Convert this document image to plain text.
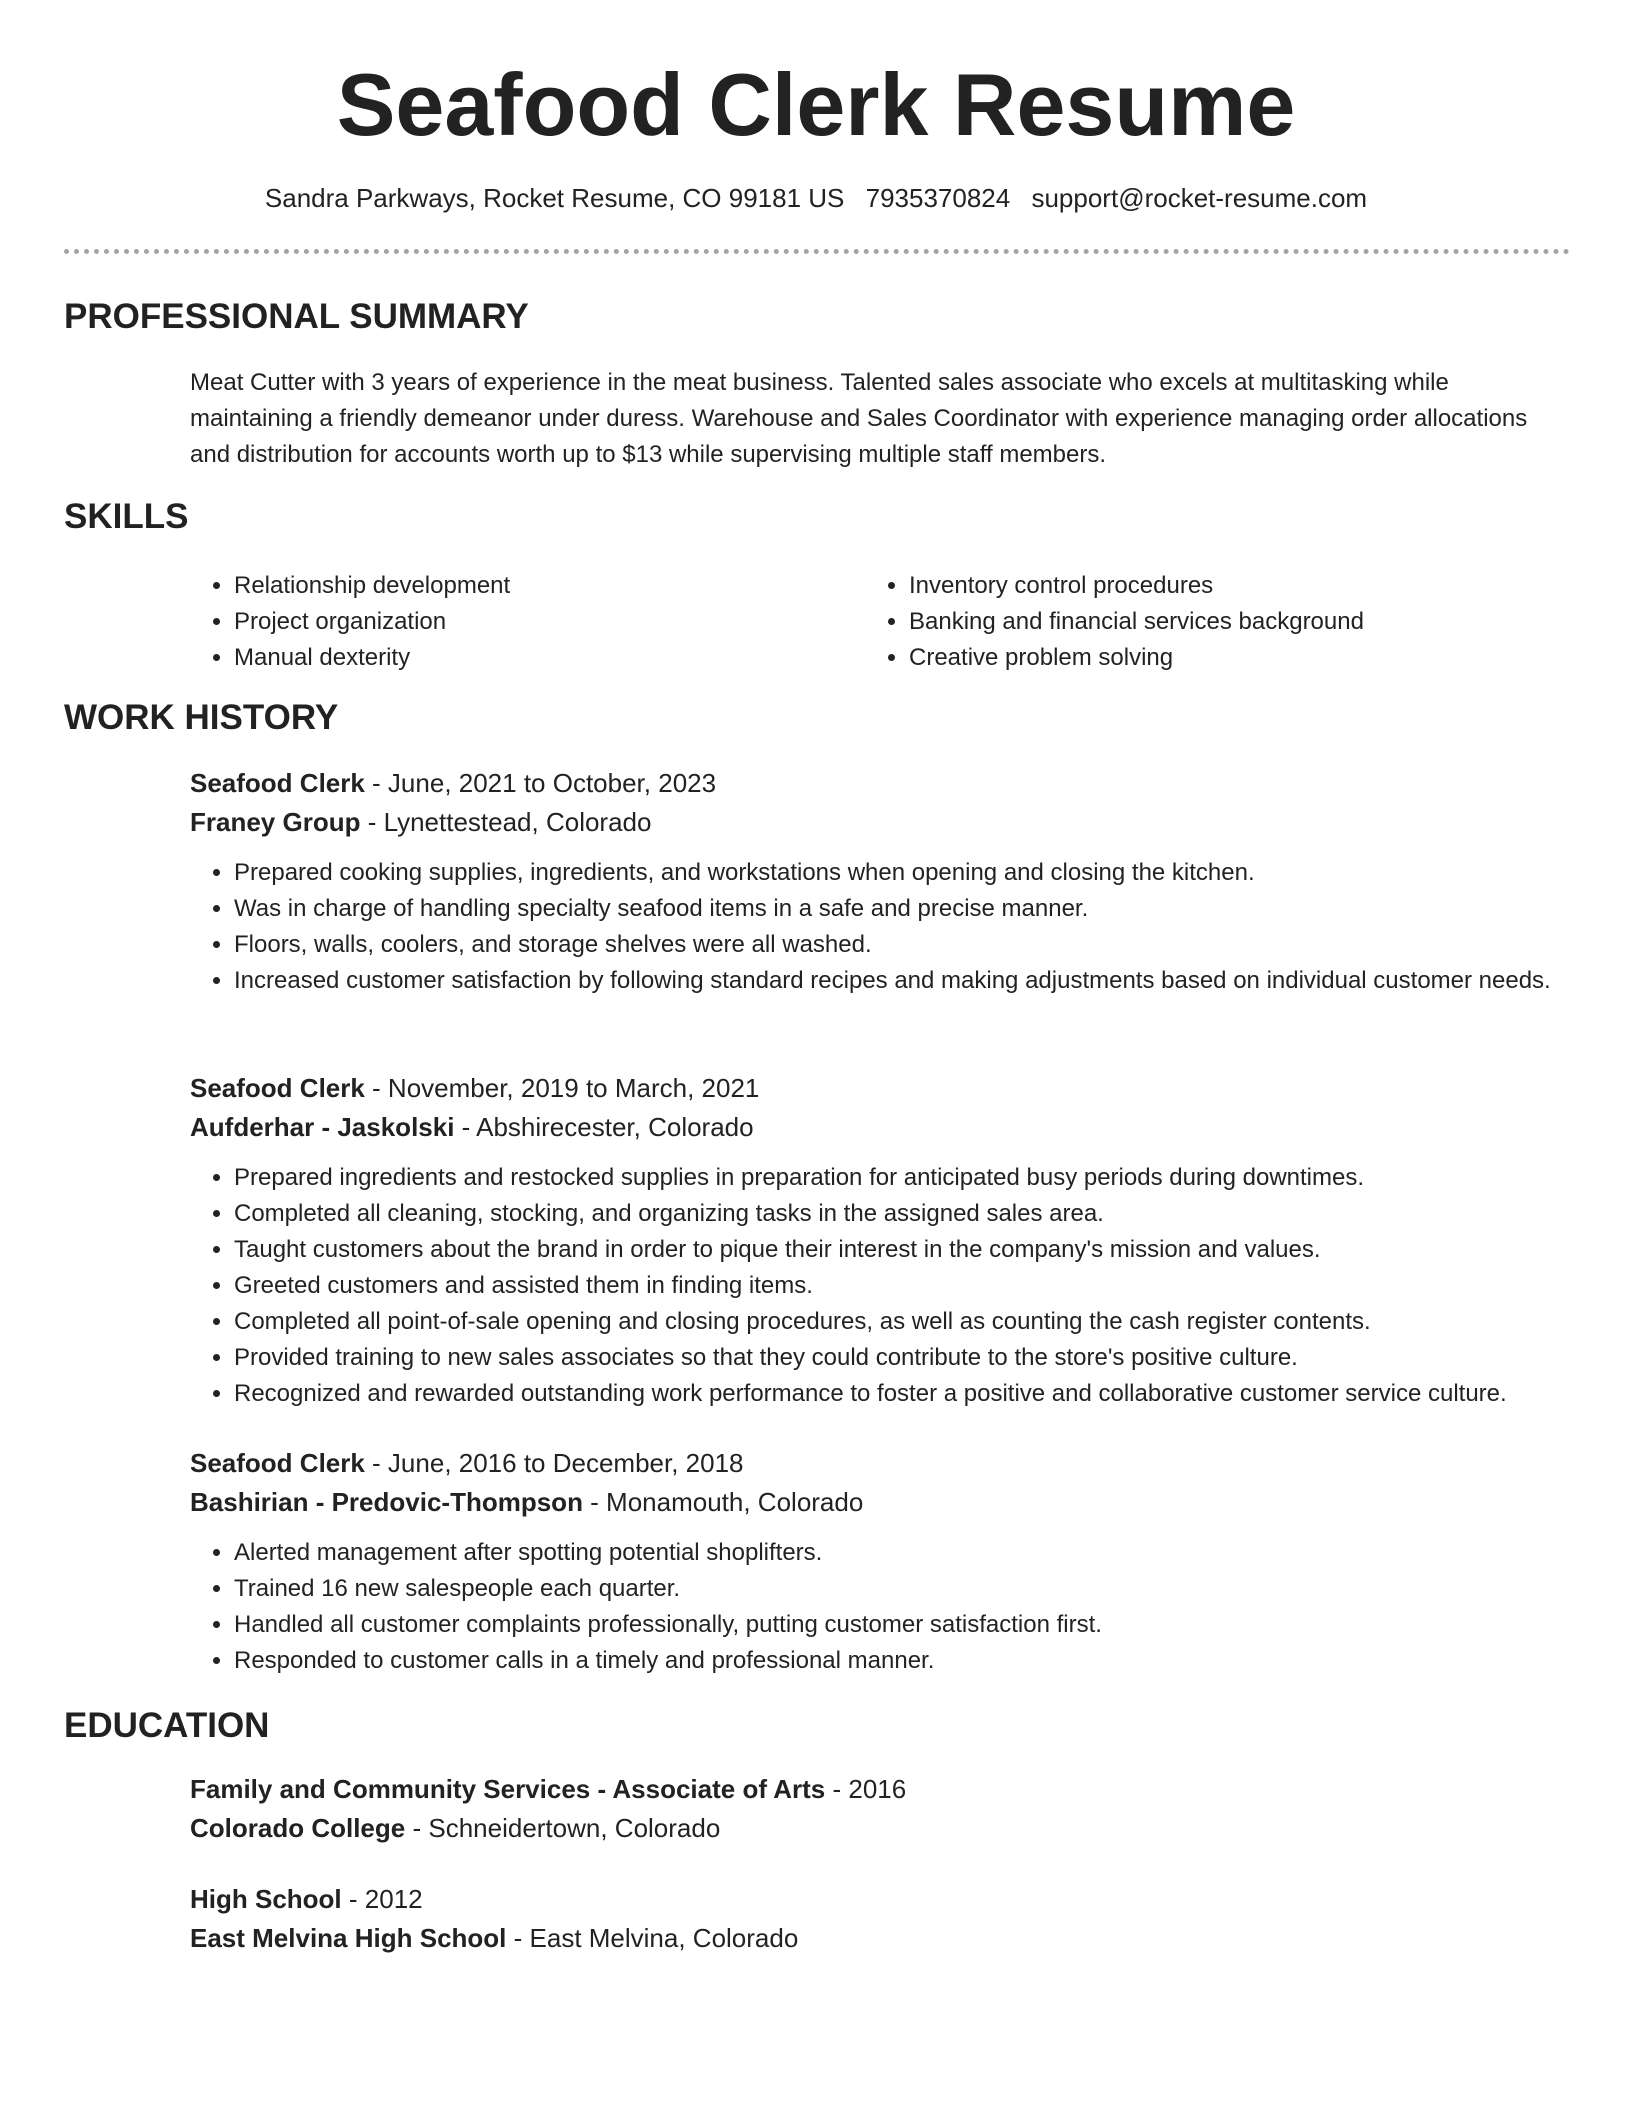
Seafood Clerk Resume
Sandra Parkways, Rocket Resume, CO 99181 US 7935370824 support@rocket-resume.com
PROFESSIONAL SUMMARY
Meat Cutter with 3 years of experience in the meat business. Talented sales associate who excels at multitasking while maintaining a friendly demeanor under duress. Warehouse and Sales Coordinator with experience managing order allocations and distribution for accounts worth up to $13 while supervising multiple staff members.
SKILLS
• Relationship development
• Project organization
• Manual dexterity
• Inventory control procedures
• Banking and financial services background
• Creative problem solving
WORK HISTORY
Seafood Clerk - June, 2021 to October, 2023
Franey Group - Lynettestead, Colorado
• Prepared cooking supplies, ingredients, and workstations when opening and closing the kitchen.
• Was in charge of handling specialty seafood items in a safe and precise manner.
• Floors, walls, coolers, and storage shelves were all washed.
• Increased customer satisfaction by following standard recipes and making adjustments based on individual customer needs.
Seafood Clerk - November, 2019 to March, 2021
Aufderhar - Jaskolski - Abshirecester, Colorado
• Prepared ingredients and restocked supplies in preparation for anticipated busy periods during downtimes.
• Completed all cleaning, stocking, and organizing tasks in the assigned sales area.
• Taught customers about the brand in order to pique their interest in the company's mission and values.
• Greeted customers and assisted them in finding items.
• Completed all point-of-sale opening and closing procedures, as well as counting the cash register contents.
• Provided training to new sales associates so that they could contribute to the store's positive culture.
• Recognized and rewarded outstanding work performance to foster a positive and collaborative customer service culture.
Seafood Clerk - June, 2016 to December, 2018
Bashirian - Predovic-Thompson - Monamouth, Colorado
• Alerted management after spotting potential shoplifters.
• Trained 16 new salespeople each quarter.
• Handled all customer complaints professionally, putting customer satisfaction first.
• Responded to customer calls in a timely and professional manner.
EDUCATION
Family and Community Services - Associate of Arts - 2016
Colorado College - Schneidertown, Colorado
High School - 2012
East Melvina High School - East Melvina, Colorado
